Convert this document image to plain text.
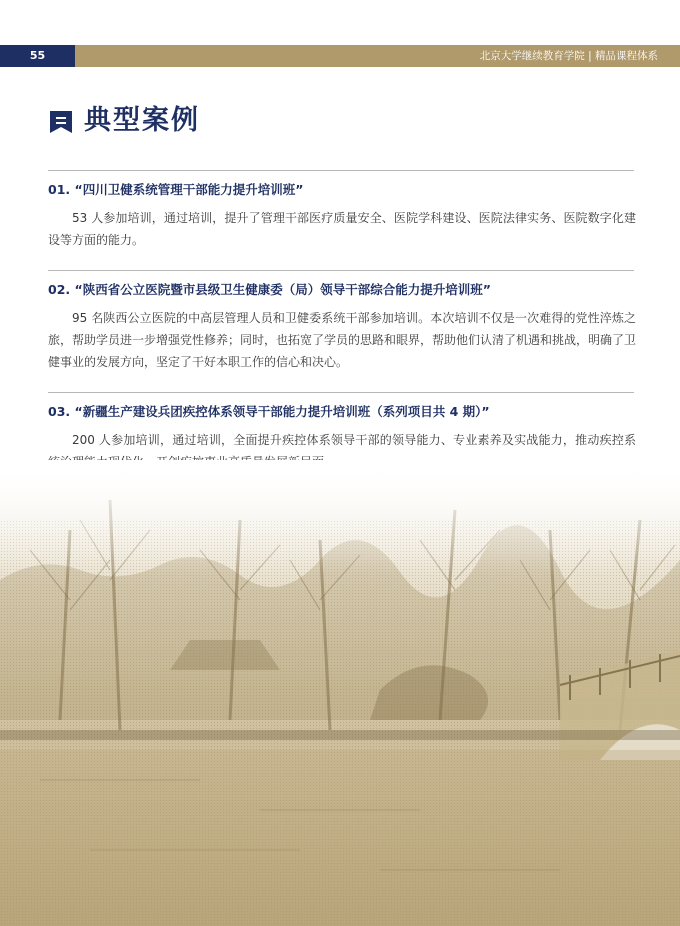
55	北京大学继续教育学院 | 精品课程体系
典型案例
01. “四川卫健系统管理干部能力提升培训班”

53 人参加培训，通过培训，提升了管理干部医疗质量安全、医院学科建设、医院法律实务、医院数字化建设等方面的能力。

02. “陕西省公立医院暨市县级卫生健康委（局）领导干部综合能力提升培训班”

95 名陕西公立医院的中高层管理人员和卫健委系统干部参加培训。本次培训不仅是一次难得的党性淬炼之旅，帮助学员进一步增强党性修养；同时，也拓宽了学员的思路和眼界，帮助他们认清了机遇和挑战，明确了卫健事业的发展方向，坚定了干好本职工作的信心和决心。

03. “新疆生产建设兵团疾控体系领导干部能力提升培训班（系列项目共 4 期）”

200 人参加培训，通过培训，全面提升疾控体系领导干部的领导能力、专业素养及实战能力，推动疾控系
